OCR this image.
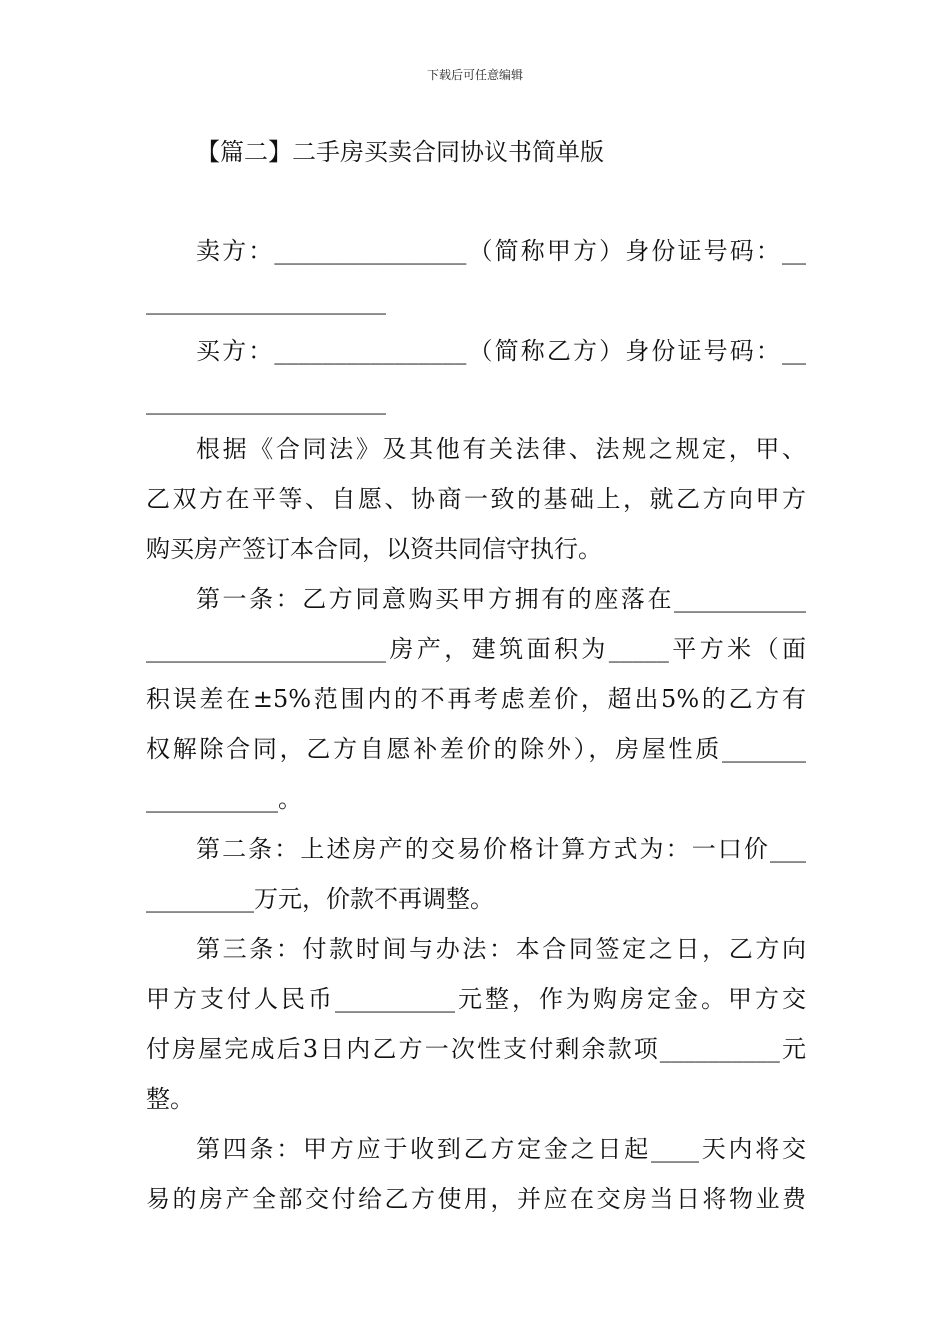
下载后可任意编辑
【篇二】二手房买卖合同协议书简单版
卖方：________________（简称甲方）身份证号码：__
____________________
买方：________________（简称乙方）身份证号码：__
____________________
根据《合同法》及其他有关法律、法规之规定，甲、
乙双方在平等、自愿、协商一致的基础上，就乙方向甲方
购买房产签订本合同，以资共同信守执行。
第一条：乙方同意购买甲方拥有的座落在___________
____________________房产，建筑面积为_____平方米（面
积误差在±5%范围内的不再考虑差价，超出5%的乙方有
权解除合同，乙方自愿补差价的除外），房屋性质_______
___________。
第二条：上述房产的交易价格计算方式为：一口价___
_________万元，价款不再调整。
第三条：付款时间与办法：本合同签定之日，乙方向
甲方支付人民币__________元整，作为购房定金。甲方交
付房屋完成后3日内乙方一次性支付剩余款项__________元
整。
第四条：甲方应于收到乙方定金之日起____天内将交
易的房产全部交付给乙方使用，并应在交房当日将物业费
